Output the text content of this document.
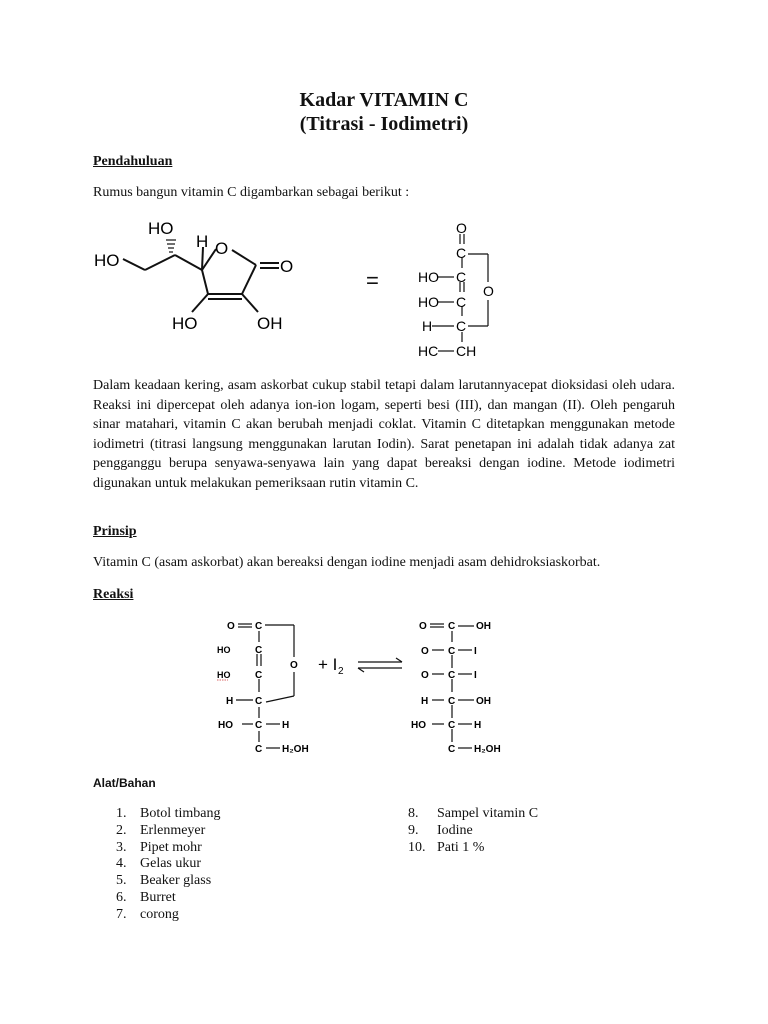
Kadar VITAMIN C
(Titrasi - Iodimetri)
Pendahuluan
Rumus bangun vitamin C digambarkan sebagai berikut :
HO
H O
O
HO
HO	OH
=
O
C
HO C
O
HO C
H C
HC CH
Dalam keadaan kering, asam askorbat cukup stabil tetapi dalam larutannyacepat dioksidasi oleh udara. Reaksi ini dipercepat oleh adanya ion-ion logam, seperti besi (III), dan mangan (II). Oleh pengaruh sinar matahari, vitamin C akan berubah menjadi coklat. Vitamin C ditetapkan menggunakan metode iodimetri (titrasi langsung menggunakan larutan Iodin). Sarat penetapan ini adalah tidak adanya zat pengganggu berupa senyawa-senyawa lain yang dapat bereaksi dengan iodine. Metode iodimetri digunakan untuk melakukan pemeriksaan rutin vitamin C.
Prinsip
Vitamin C (asam askorbat) akan bereaksi dengan iodine menjadi asam dehidroksiaskorbat.
Reaksi
O C
HO C
HO C
O
H C
HO C H
C H₂OH
+ I 2
O C OH
O C I
O C I
H C OH
HO C H
C H₂OH
Alat/Bahan
1. Botol timbang
2. Erlenmeyer
3. Pipet mohr
4. Gelas ukur
5. Beaker glass
6. Burret
7. corong
8. Sampel vitamin C
9. Iodine
10. Pati 1 %
